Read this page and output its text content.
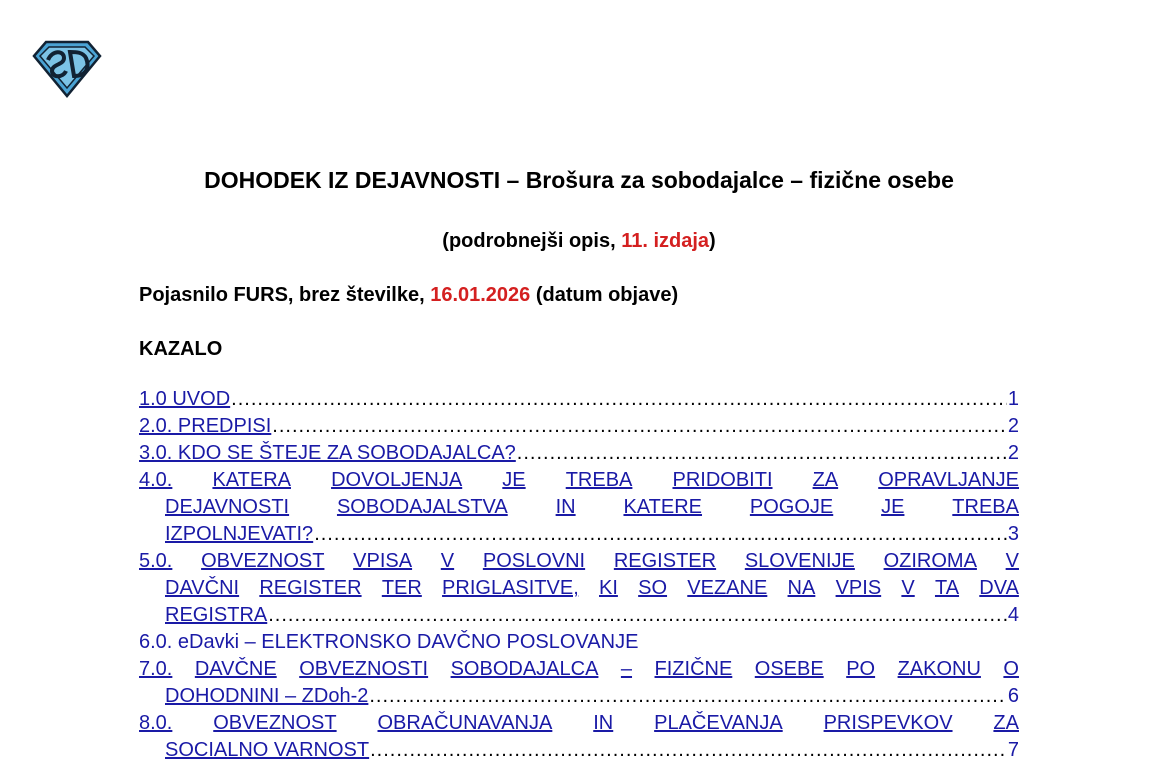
DOHODEK IZ DEJAVNOSTI – Brošura za sobodajalce – fizične osebe
(podrobnejši opis, 11. izdaja)
Pojasnilo FURS, brez številke, 16.01.2026 (datum objave)
KAZALO
1.0 UVOD .....	1
2.0. PREDPISI .....	2
3.0. KDO SE ŠTEJE ZA SOBODAJALCA? .....	2
4.0. KATERA DOVOLJENJA JE TREBA PRIDOBITI ZA OPRAVLJANJE
DEJAVNOSTI SOBODAJALSTVA IN KATERE POGOJE JE TREBA
IZPOLNJEVATI? .....	3
5.0. OBVEZNOST VPISA V POSLOVNI REGISTER SLOVENIJE OZIROMA V
DAVČNI REGISTER TER PRIGLASITVE, KI SO VEZANE NA VPIS V TA DVA
REGISTRA .....	4
6.0. eDavki – ELEKTRONSKO DAVČNO POSLOVANJE
7.0. DAVČNE OBVEZNOSTI SOBODAJALCA – FIZIČNE OSEBE PO ZAKONU O
DOHODNINI – ZDoh-2 .....	6
8.0. OBVEZNOST OBRAČUNAVANJA IN PLAČEVANJA PRISPEVKOV ZA
SOCIALNO VARNOST .....	7
